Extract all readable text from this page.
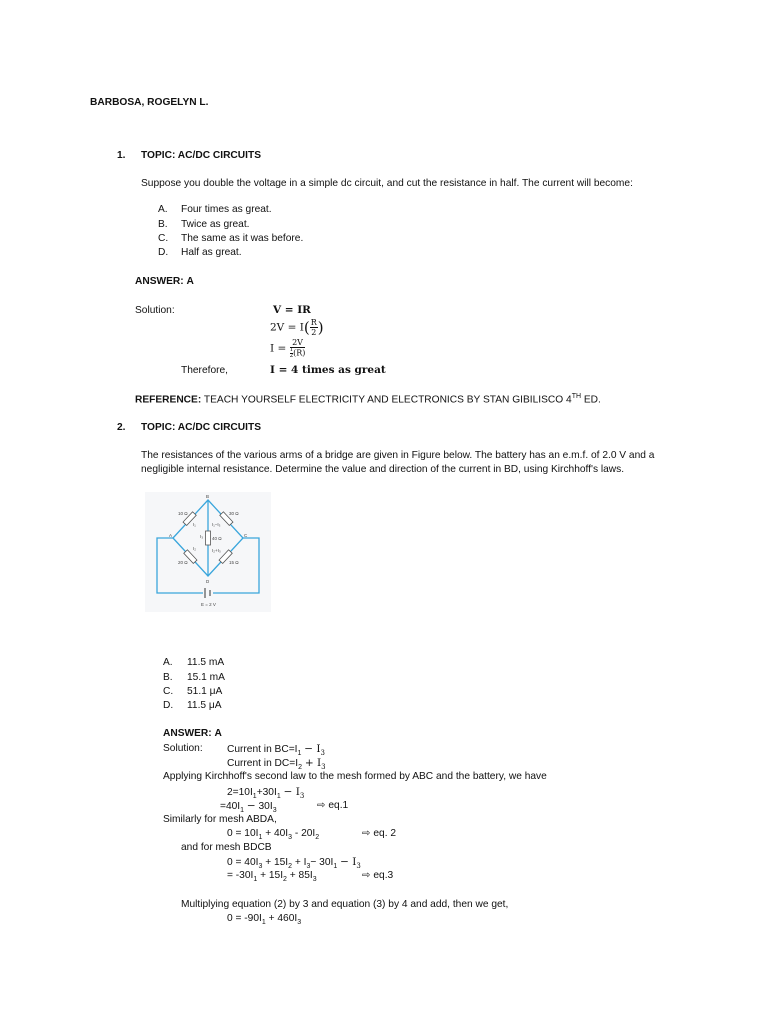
BARBOSA, ROGELYN L.
1. TOPIC: AC/DC CIRCUITS
Suppose you double the voltage in a simple dc circuit, and cut the resistance in half. The current will become:
A. Four times as great.
B. Twice as great.
C. The same as it was before.
D. Half as great.
ANSWER: A
Solution:	V = IR
$2V = I( \frac{R}{2}$ )
$I = \frac{2V}{\frac{1}{2} (R)}$
Therefore,	I = 4 times as great
REFERENCE: TEACH YOURSELF ELECTRICITY AND ELECTRONICS BY STAN GIBILISCO 4TH ED.
2. TOPIC: AC/DC CIRCUITS
The resistances of the various arms of a bridge are given in Figure below. The battery has an e.m.f. of 2.0 V and a
negligible internal resistance. Determine the value and direction of the current in BD, using Kirchhoff's laws.
B
A	C
D
10 Ω	30 Ω
40 Ω
20 Ω	15 Ω
I₁
I₂
I₃
I₁−I₃
I₂+I₃
E = 2 V
A. 11.5 mA
B. 15.1 mA
C. 51.1 μA
D. 11.5 μA
ANSWER: A
Solution: Current in $BC=I_1 - I_3$
Current in $DC=I_2 + I_3$
Applying Kirchhoff's second law to the mesh formed by ABC and the battery, we have
$2=10I_1+30I_1 - I_3$
$=40I_1 - 30I_3$	⇨ eq.1
Similarly for mesh ABDA,
$0 = 10I_1 + 40I_3 - 20I_2$	⇨ eq. 2
and for mesh BDCB
$0 = 40I_3 + 15I_2 + I_3- 30I_1 - I_3$
= $-30I_1 + 15I_2 + 85I_3$	⇨ eq.3
Multiplying equation (2) by 3 and equation (3) by 4 and add, then we get,
$0 = -90I_1 + 460I_3$
